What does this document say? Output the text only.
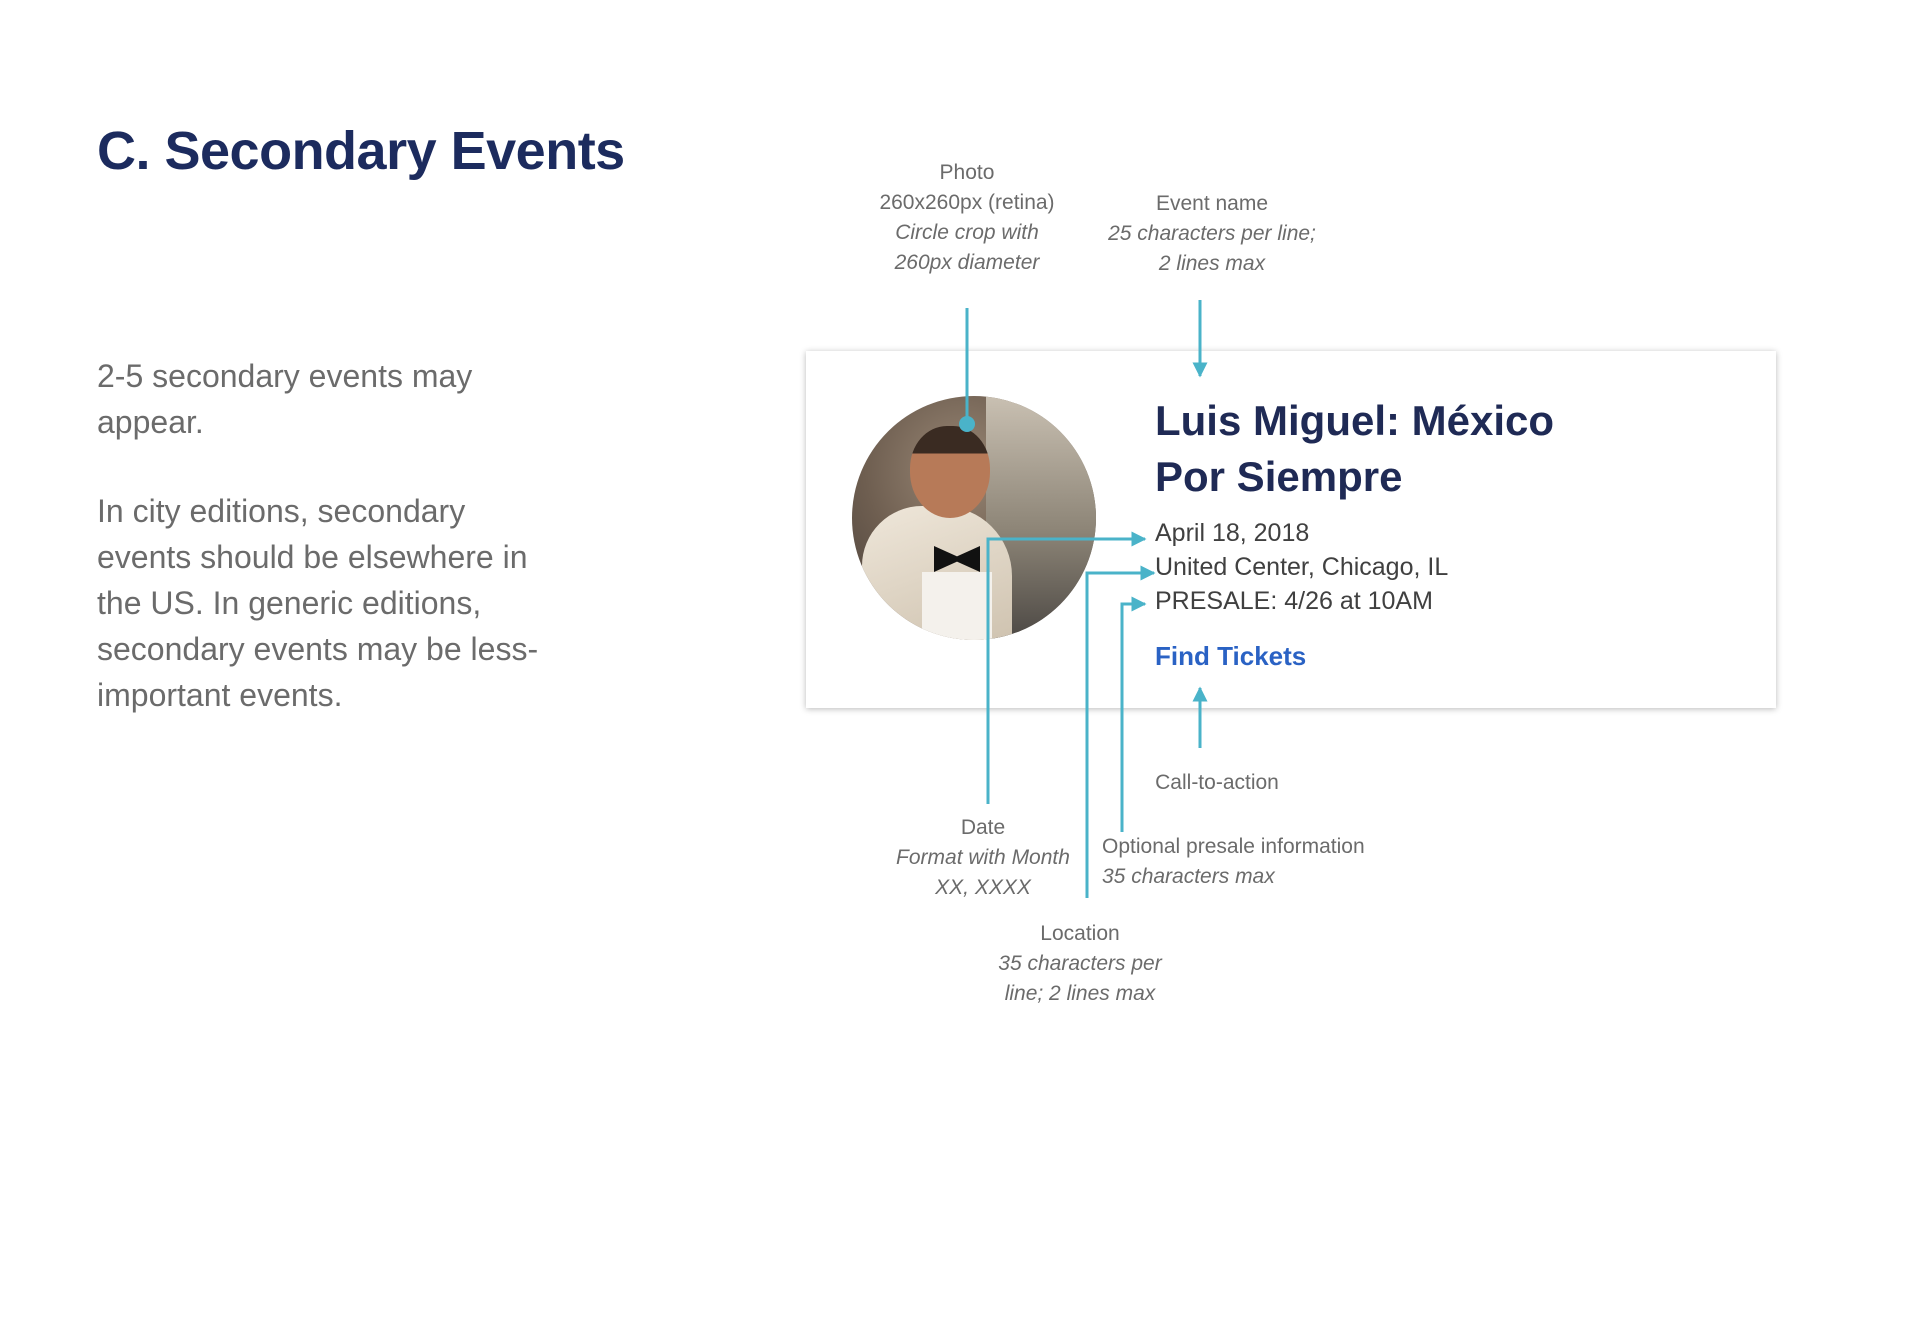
C. Secondary Events

2-5 secondary events may appear.

In city editions, secondary events should be elsewhere in the US. In generic editions, secondary events may be less-important events.

Luis Miguel: México Por Siempre

April 18, 2018

United Center, Chicago, IL

PRESALE: 4/26 at 10AM

Find Tickets
Photo
260x260px (retina)
Circle crop with
260px diameter
Event name
25 characters per line; 2 lines max
Call-to-action
Date
Format with Month XX, XXXX
Optional presale information
35 characters max
Location
35 characters per line; 2 lines max
